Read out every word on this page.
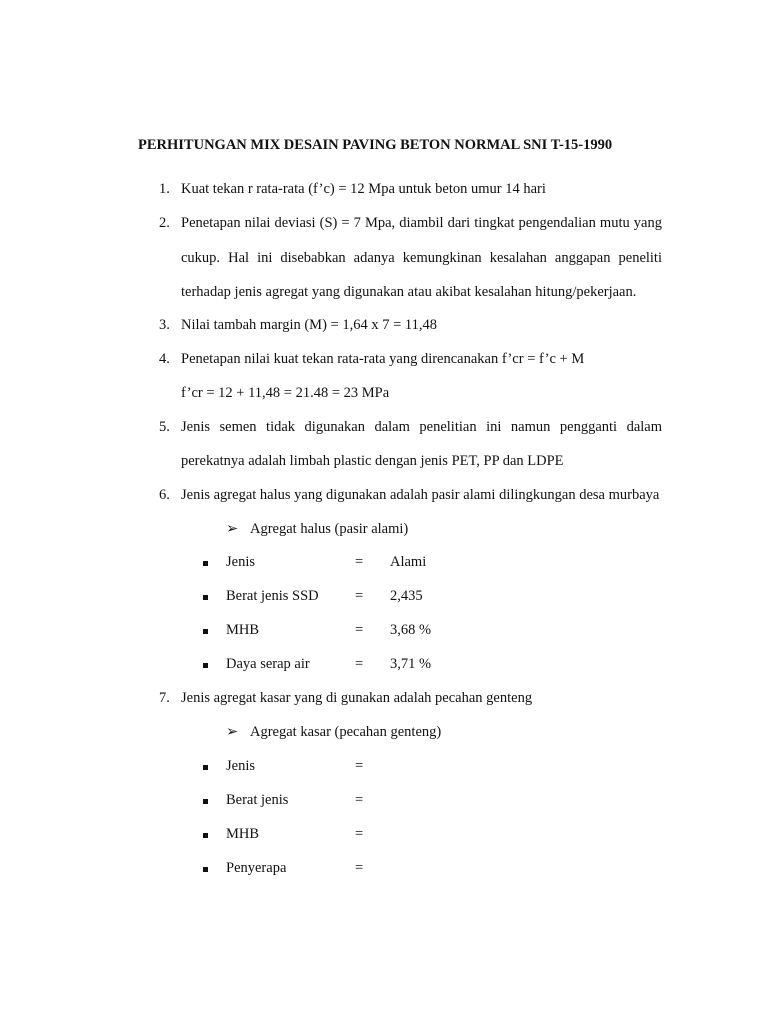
PERHITUNGAN MIX DESAIN PAVING BETON NORMAL SNI T-15-1990
1. Kuat tekan r rata-rata (f’c) = 12 Mpa untuk beton umur 14 hari
2. Penetapan nilai deviasi (S) = 7 Mpa, diambil dari tingkat pengendalian mutu yang
cukup. Hal ini disebabkan adanya kemungkinan kesalahan anggapan peneliti
terhadap jenis agregat yang digunakan atau akibat kesalahan hitung/pekerjaan.
3. Nilai tambah margin (M) = 1,64 x 7 = 11,48
4. Penetapan nilai kuat tekan rata-rata yang direncanakan f’cr = f’c + M
f’cr = 12 + 11,48 = 21.48 = 23 MPa
5. Jenis semen tidak digunakan dalam penelitian ini namun pengganti dalam
perekatnya adalah limbah plastic dengan jenis PET, PP dan LDPE
6. Jenis agregat halus yang digunakan adalah pasir alami dilingkungan desa murbaya
➢ Agregat halus (pasir alami)
Jenis	= Alami
Berat jenis SSD	= 2,435
MHB	= 3,68 %
Daya serap air	= 3,71 %
7. Jenis agregat kasar yang di gunakan adalah pecahan genteng
➢ Agregat kasar (pecahan genteng)
Jenis	=
Berat jenis	=
MHB	=
Penyerapa	=
